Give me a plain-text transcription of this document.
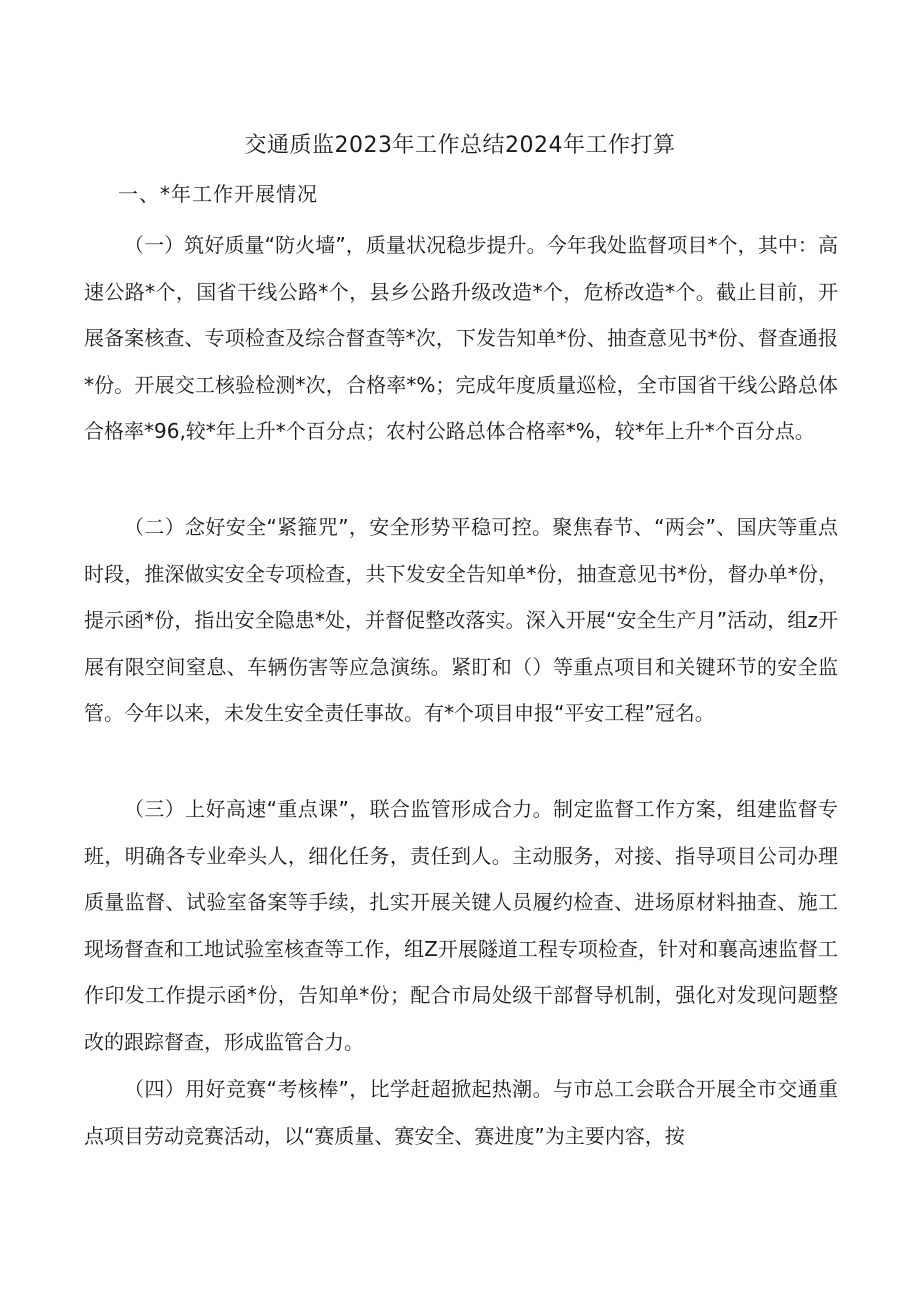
交通质监2023年工作总结2024年工作打算
一、*年工作开展情况

（一）筑好质量“防火墙”，质量状况稳步提升。今年我处监督项目*个，其中：高速公路*个，国省干线公路*个，县乡公路升级改造*个，危桥改造*个。截止目前，开展备案核查、专项检查及综合督查等*次，下发告知单*份、抽查意见书*份、督查通报*份。开展交工核验检测*次，合格率*%；完成年度质量巡检，全市国省干线公路总体合格率*96,较*年上升*个百分点；农村公路总体合格率*%，较*年上升*个百分点。

（二）念好安全“紧箍咒”，安全形势平稳可控。聚焦春节、“两会”、国庆等重点时段，推深做实安全专项检查，共下发安全告知单*份，抽查意见书*份，督办单*份，提示函*份，指出安全隐患*处，并督促整改落实。深入开展“安全生产月”活动，组z开展有限空间窒息、车辆伤害等应急演练。紧盯和（）等重点项目和关键环节的安全监管。今年以来，未发生安全责任事故。有*个项目申报“平安工程”冠名。

（三）上好高速“重点课”，联合监管形成合力。制定监督工作方案，组建监督专班，明确各专业牵头人，细化任务，责任到人。主动服务，对接、指导项目公司办理质量监督、试验室备案等手续，扎实开展关键人员履约检查、进场原材料抽查、施工现场督查和工地试验室核查等工作，组Z开展隧道工程专项检查，针对和襄高速监督工作印发工作提示函*份，告知单*份；配合市局处级干部督导机制，强化对发现问题整改的跟踪督查，形成监管合力。

（四）用好竞赛“考核棒”，比学赶超掀起热潮。与市总工会联合开展全市交通重点项目劳动竞赛活动，以“赛质量、赛安全、赛进度”为主要内容，按
